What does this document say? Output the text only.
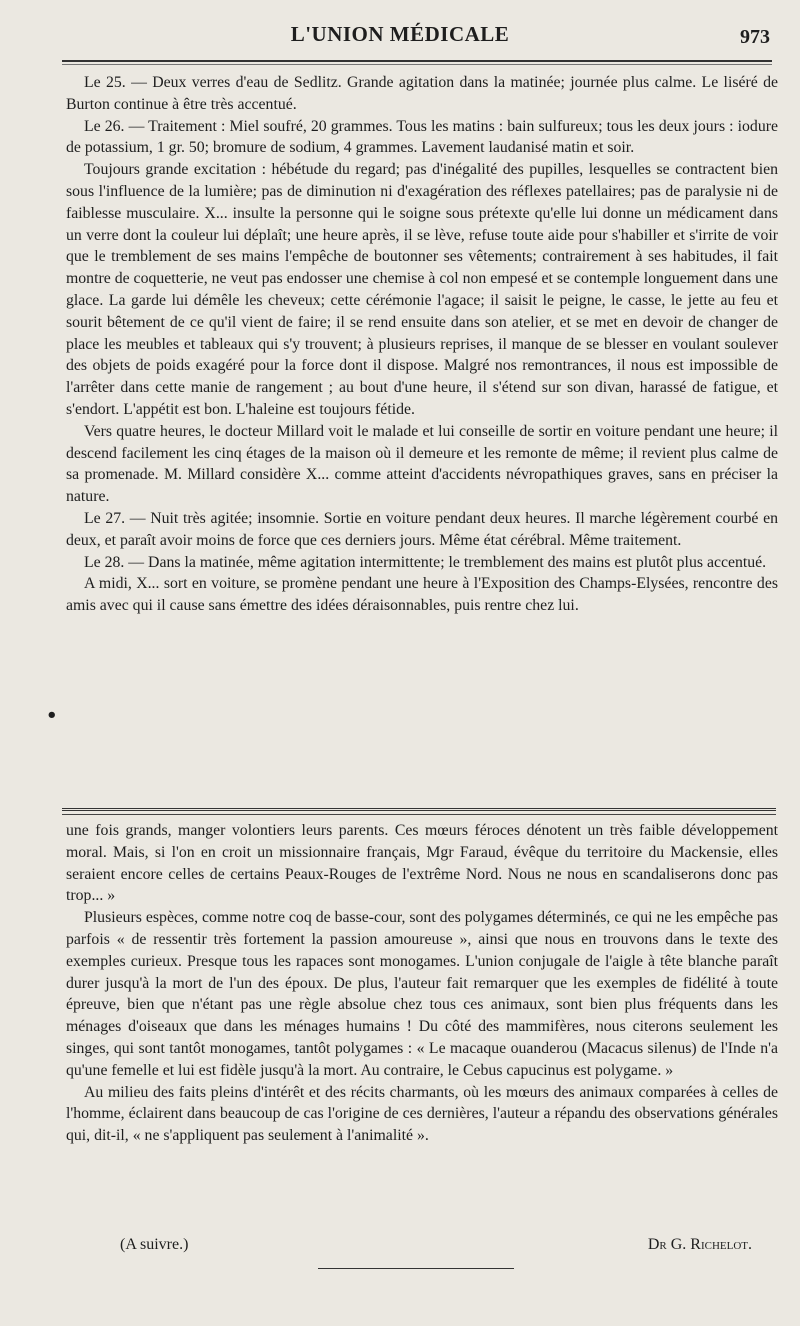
L'UNION MÉDICALE	973

Le 25. — Deux verres d'eau de Sedlitz. Grande agitation dans la matinée; journée plus calme. Le liséré de Burton continue à être très accentué.

Le 26. — Traitement : Miel soufré, 20 grammes. Tous les matins : bain sulfureux; tous les deux jours : iodure de potassium, 1 gr. 50; bromure de sodium, 4 grammes. Lavement laudanisé matin et soir.

Toujours grande excitation : hébétude du regard; pas d'inégalité des pupilles, lesquelles se contractent bien sous l'influence de la lumière; pas de diminution ni d'exagération des réflexes patellaires; pas de paralysie ni de faiblesse musculaire. X... insulte la personne qui le soigne sous prétexte qu'elle lui donne un médicament dans un verre dont la couleur lui déplaît; une heure après, il se lève, refuse toute aide pour s'habiller et s'irrite de voir que le tremblement de ses mains l'empêche de boutonner ses vêtements; contrairement à ses habitudes, il fait montre de coquetterie, ne veut pas endosser une chemise à col non empesé et se contemple longuement dans une glace. La garde lui démêle les cheveux; cette cérémonie l'agace; il saisit le peigne, le casse, le jette au feu et sourit bêtement de ce qu'il vient de faire; il se rend ensuite dans son atelier, et se met en devoir de changer de place les meubles et tableaux qui s'y trouvent; à plusieurs reprises, il manque de se blesser en voulant soulever des objets de poids exagéré pour la force dont il dispose. Malgré nos remontrances, il nous est impossible de l'arrêter dans cette manie de rangement ; au bout d'une heure, il s'étend sur son divan, harassé de fatigue, et s'endort. L'appétit est bon. L'haleine est toujours fétide.

Vers quatre heures, le docteur Millard voit le malade et lui conseille de sortir en voiture pendant une heure; il descend facilement les cinq étages de la maison où il demeure et les remonte de même; il revient plus calme de sa promenade. M. Millard considère X... comme atteint d'accidents névropathiques graves, sans en préciser la nature.

Le 27. — Nuit très agitée; insomnie. Sortie en voiture pendant deux heures. Il marche légèrement courbé en deux, et paraît avoir moins de force que ces derniers jours. Même état cérébral. Même traitement.

Le 28. — Dans la matinée, même agitation intermittente; le tremblement des mains est plutôt plus accentué.

A midi, X... sort en voiture, se promène pendant une heure à l'Exposition des Champs-Elysées, rencontre des amis avec qui il cause sans émettre des idées déraisonnables, puis rentre chez lui.

•

une fois grands, manger volontiers leurs parents. Ces mœurs féroces dénotent un très faible développement moral. Mais, si l'on en croit un missionnaire français, Mgr Faraud, évêque du territoire du Mackensie, elles seraient encore celles de certains Peaux-Rouges de l'extrême Nord. Nous ne nous en scandaliserons donc pas trop... »

Plusieurs espèces, comme notre coq de basse-cour, sont des polygames déterminés, ce qui ne les empêche pas parfois « de ressentir très fortement la passion amoureuse », ainsi que nous en trouvons dans le texte des exemples curieux. Presque tous les rapaces sont monogames. L'union conjugale de l'aigle à tête blanche paraît durer jusqu'à la mort de l'un des époux. De plus, l'auteur fait remarquer que les exemples de fidélité à toute épreuve, bien que n'étant pas une règle absolue chez tous ces animaux, sont bien plus fréquents dans les ménages d'oiseaux que dans les ménages humains ! Du côté des mammifères, nous citerons seulement les singes, qui sont tantôt monogames, tantôt polygames : « Le macaque ouanderou (Macacus silenus) de l'Inde n'a qu'une femelle et lui est fidèle jusqu'à la mort. Au contraire, le Cebus capucinus est polygame. »

Au milieu des faits pleins d'intérêt et des récits charmants, où les mœurs des animaux comparées à celles de l'homme, éclairent dans beaucoup de cas l'origine de ces dernières, l'auteur a répandu des observations générales qui, dit-il, « ne s'appliquent pas seulement à l'animalité ».

(A suivre.)	Dr G. Richelot.
